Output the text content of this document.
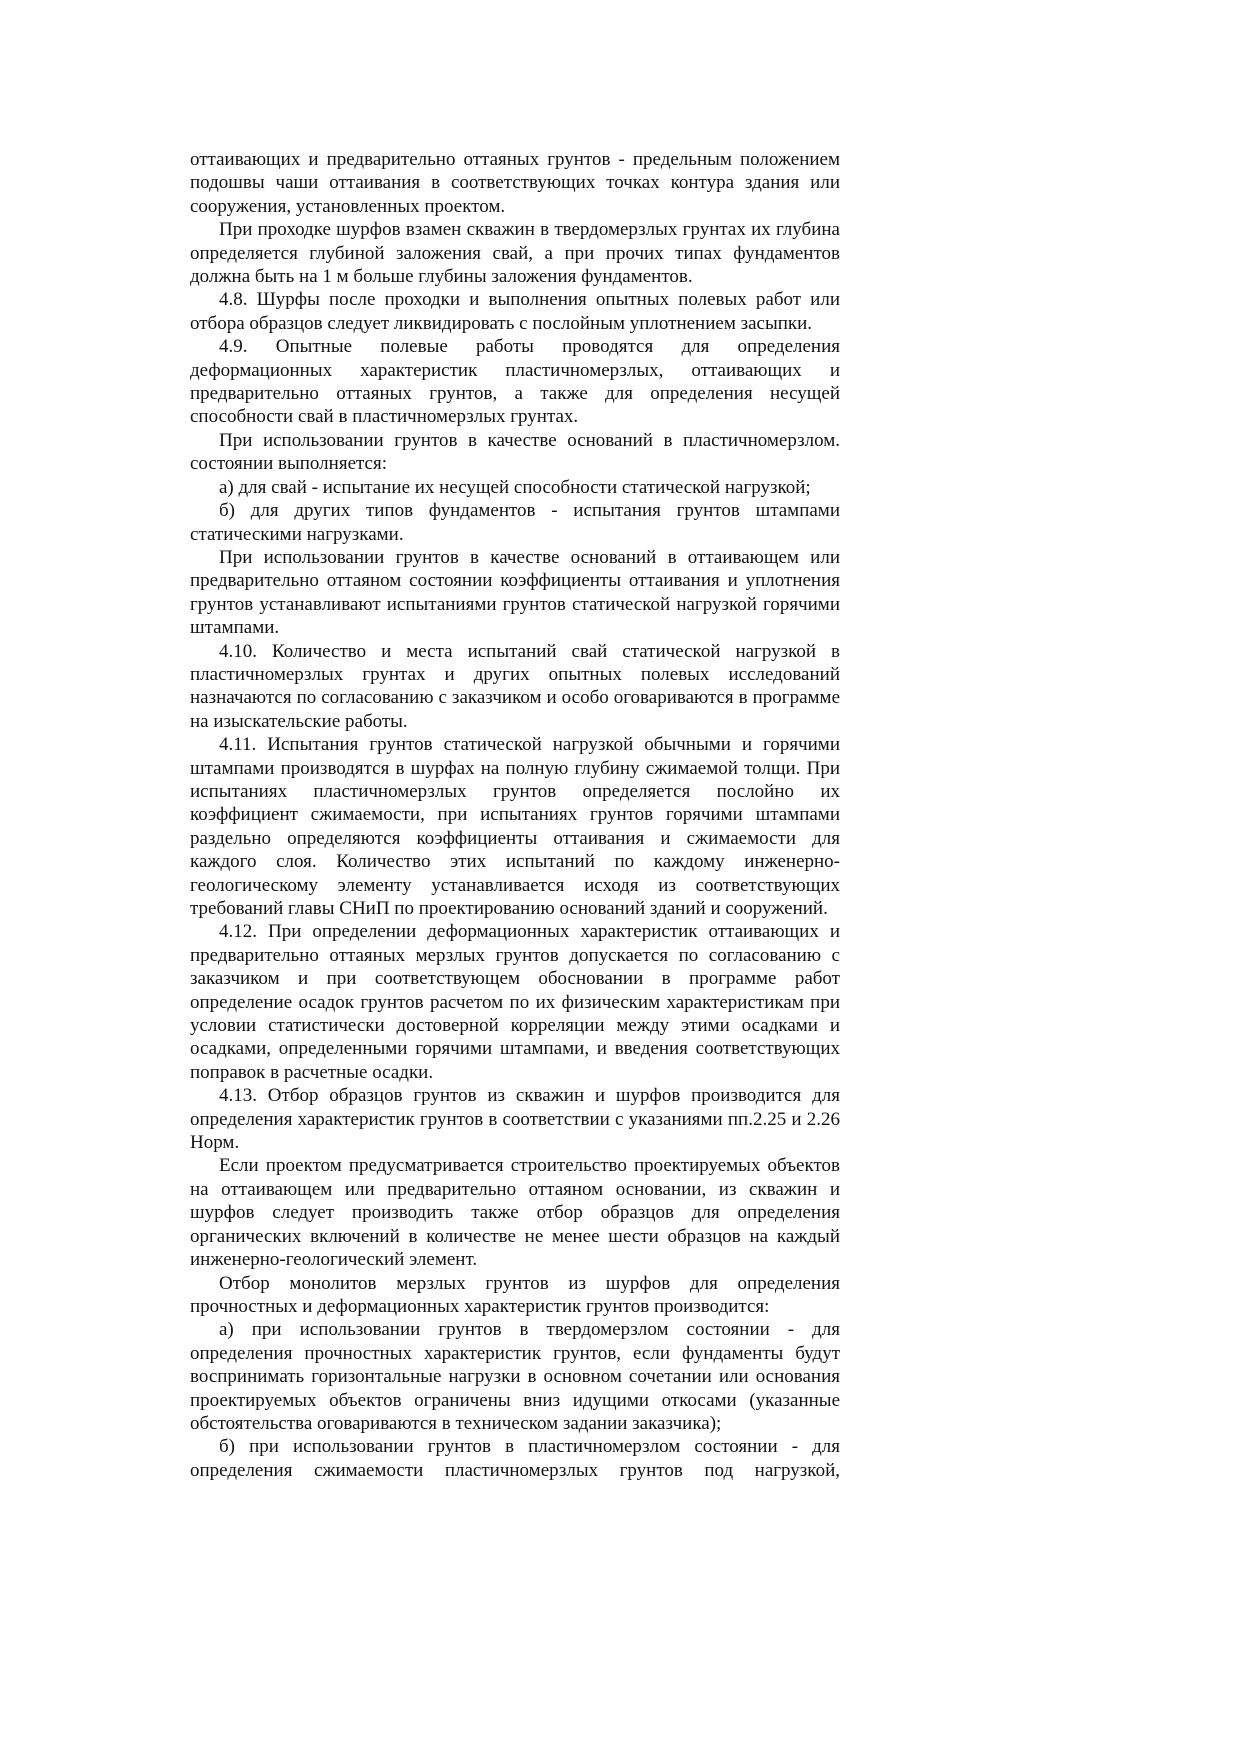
оттаивающих и предварительно оттаяных грунтов - предельным положением подошвы чаши оттаивания в соответствующих точках контура здания или сооружения, установленных проектом.

При проходке шурфов взамен скважин в твердомерзлых грунтах их глубина определяется глубиной заложения свай, а при прочих типах фундаментов должна быть на 1 м больше глубины заложения фундаментов.

4.8. Шурфы после проходки и выполнения опытных полевых работ или отбора образцов следует ликвидировать с послойным уплотнением засыпки.

4.9. Опытные полевые работы проводятся для определения деформационных характеристик пластичномерзлых, оттаивающих и предварительно оттаяных грунтов, а также для определения несущей способности свай в пластичномерзлых грунтах.

При использовании грунтов в качестве оснований в пластичномерзлом. состоянии выполняется:

а) для свай - испытание их несущей способности статической нагрузкой;

б) для других типов фундаментов - испытания грунтов штампами статическими нагрузками.

При использовании грунтов в качестве оснований в оттаивающем или предварительно оттаяном состоянии коэффициенты оттаивания и уплотнения грунтов устанавливают испытаниями грунтов статической нагрузкой горячими штампами.

4.10. Количество и места испытаний свай статической нагрузкой в пластичномерзлых грунтах и других опытных полевых исследований назначаются по согласованию с заказчиком и особо оговариваются в программе на изыскательские работы.

4.11. Испытания грунтов статической нагрузкой обычными и горячими штампами производятся в шурфах на полную глубину сжимаемой толщи. При испытаниях пластичномерзлых грунтов определяется послойно их коэффициент сжимаемости, при испытаниях грунтов горячими штампами раздельно определяются коэффициенты оттаивания и сжимаемости для каждого слоя. Количество этих испытаний по каждому инженерно-геологическому элементу устанавливается исходя из соответствующих требований главы СНиП по проектированию оснований зданий и сооружений.

4.12. При определении деформационных характеристик оттаивающих и предварительно оттаяных мерзлых грунтов допускается по согласованию с заказчиком и при соответствующем обосновании в программе работ определение осадок грунтов расчетом по их физическим характеристикам при условии статистически достоверной корреляции между этими осадками и осадками, определенными горячими штампами, и введения соответствующих поправок в расчетные осадки.

4.13. Отбор образцов грунтов из скважин и шурфов производится для определения характеристик грунтов в соответствии с указаниями пп.2.25 и 2.26 Норм.

Если проектом предусматривается строительство проектируемых объектов на оттаивающем или предварительно оттаяном основании, из скважин и шурфов следует производить также отбор образцов для определения органических включений в количестве не менее шести образцов на каждый инженерно-геологический элемент.

Отбор монолитов мерзлых грунтов из шурфов для определения прочностных и деформационных характеристик грунтов производится:

а) при использовании грунтов в твердомерзлом состоянии - для определения прочностных характеристик грунтов, если фундаменты будут воспринимать горизонтальные нагрузки в основном сочетании или основания проектируемых объектов ограничены вниз идущими откосами (указанные обстоятельства оговариваются в техническом задании заказчика);

б) при использовании грунтов в пластичномерзлом состоянии - для определения сжимаемости пластичномерзлых грунтов под нагрузкой,
